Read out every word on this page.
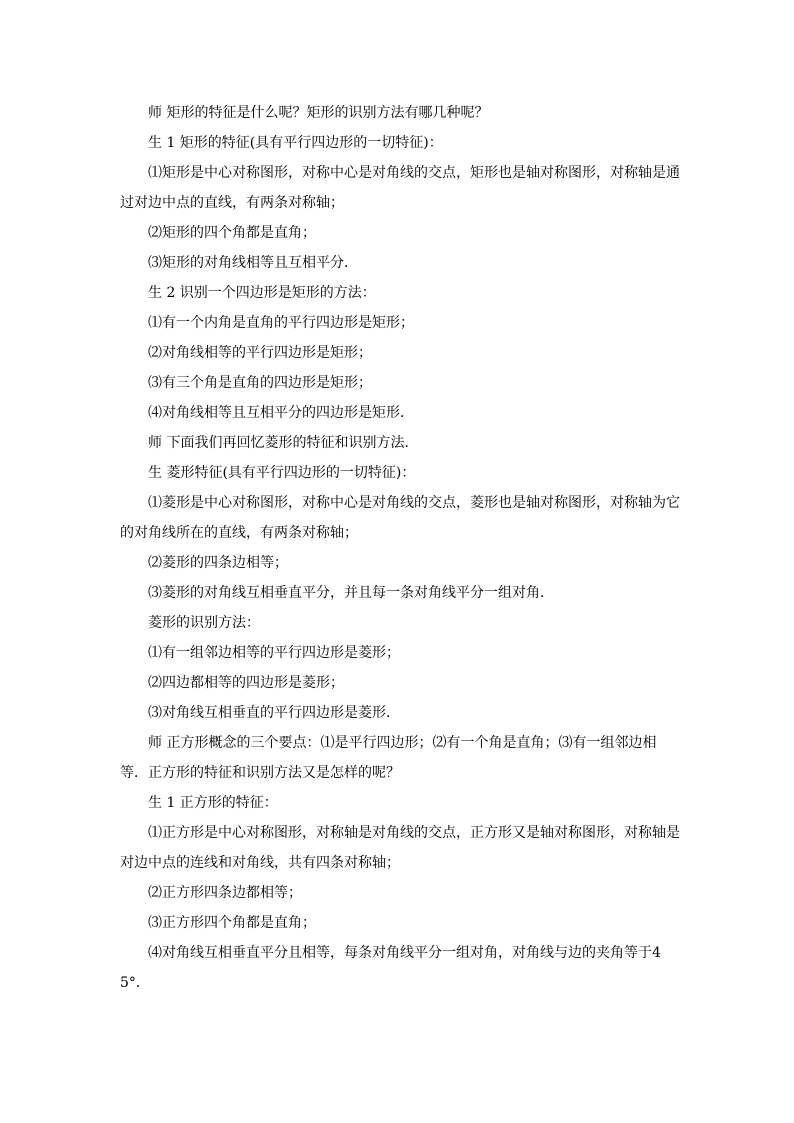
师 矩形的特征是什么呢？矩形的识别方法有哪几种呢？

生 1 矩形的特征(具有平行四边形的一切特征)：

⑴矩形是中心对称图形，对称中心是对角线的交点，矩形也是轴对称图形，对称轴是通过对边中点的直线，有两条对称轴；

⑵矩形的四个角都是直角；

⑶矩形的对角线相等且互相平分．

生 2 识别一个四边形是矩形的方法：

⑴有一个内角是直角的平行四边形是矩形；

⑵对角线相等的平行四边形是矩形；

⑶有三个角是直角的四边形是矩形；

⑷对角线相等且互相平分的四边形是矩形．

师 下面我们再回忆菱形的特征和识别方法.

生 菱形特征(具有平行四边形的一切特征)：

⑴菱形是中心对称图形，对称中心是对角线的交点，菱形也是轴对称图形，对称轴为它的对角线所在的直线，有两条对称轴；

⑵菱形的四条边相等；

⑶菱形的对角线互相垂直平分，并且每一条对角线平分一组对角．

菱形的识别方法：

⑴有一组邻边相等的平行四边形是菱形；

⑵四边都相等的四边形是菱形；

⑶对角线互相垂直的平行四边形是菱形．

师 正方形概念的三个要点：⑴是平行四边形；⑵有一个角是直角；⑶有一组邻边相等．正方形的特征和识别方法又是怎样的呢？

生 1 正方形的特征：

⑴正方形是中心对称图形，对称轴是对角线的交点，正方形又是轴对称图形，对称轴是对边中点的连线和对角线，共有四条对称轴；

⑵正方形四条边都相等；

⑶正方形四个角都是直角；

⑷对角线互相垂直平分且相等，每条对角线平分一组对角，对角线与边的夹角等于45°．
